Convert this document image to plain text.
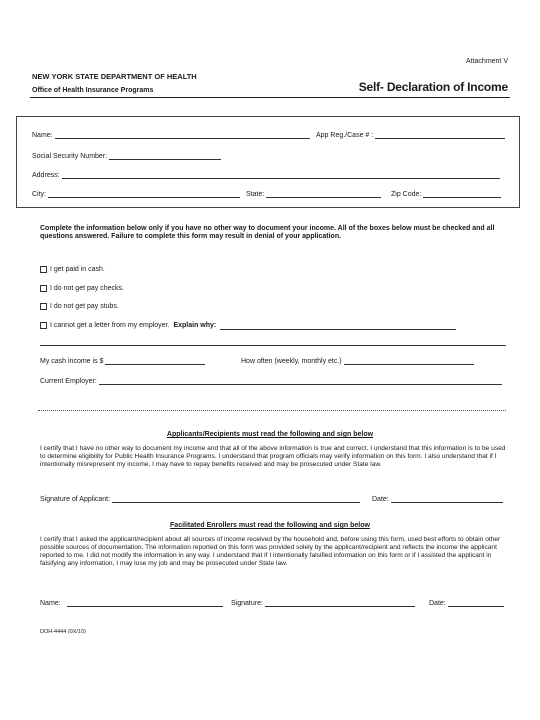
Attachment V
NEW YORK STATE DEPARTMENT OF HEALTH
Office of Health Insurance Programs	Self- Declaration of Income
Name:	App Reg./Case # :
Social Security Number:
Address:
City:	State:	Zip Code:
Complete the information below only if you have no other way to document your income. All of the boxes below must be checked and all questions answered. Failure to complete this form may result in denial of your application.
I get paid in cash.
I do not get pay checks.
I do not get pay stubs.
I cannot get a letter from my employer. Explain why:
My cash income is $	How often (weekly, monthly etc.)
Current Employer:
Applicants/Recipients must read the following and sign below
I certify that I have no other way to document my income and that all of the above information is true and correct. I understand that this information is to be used to determine eligibility for Public Health Insurance Programs. I understand that program officials may verify information on this form. I also understand that if I intentionally misrepresent my income, I may have to repay benefits received and may be prosecuted under State law.
Signature of Applicant:	Date:
Facilitated Enrollers must read the following and sign below
I certify that I asked the applicant/recipient about all sources of income received by the household and, before using this form, used best efforts to obtain other possible sources of documentation. The information reported on this form was provided solely by the applicant/recipient and reflects the income the applicant reported to me. I did not modify the information in any way. I understand that if I intentionally falsified information on this form or if I assisted the applicant in falsifying any information, I may lose my job and may be prosecuted under State law.
Name:	Signature:	Date:
DOH-4444 (0X/10)
